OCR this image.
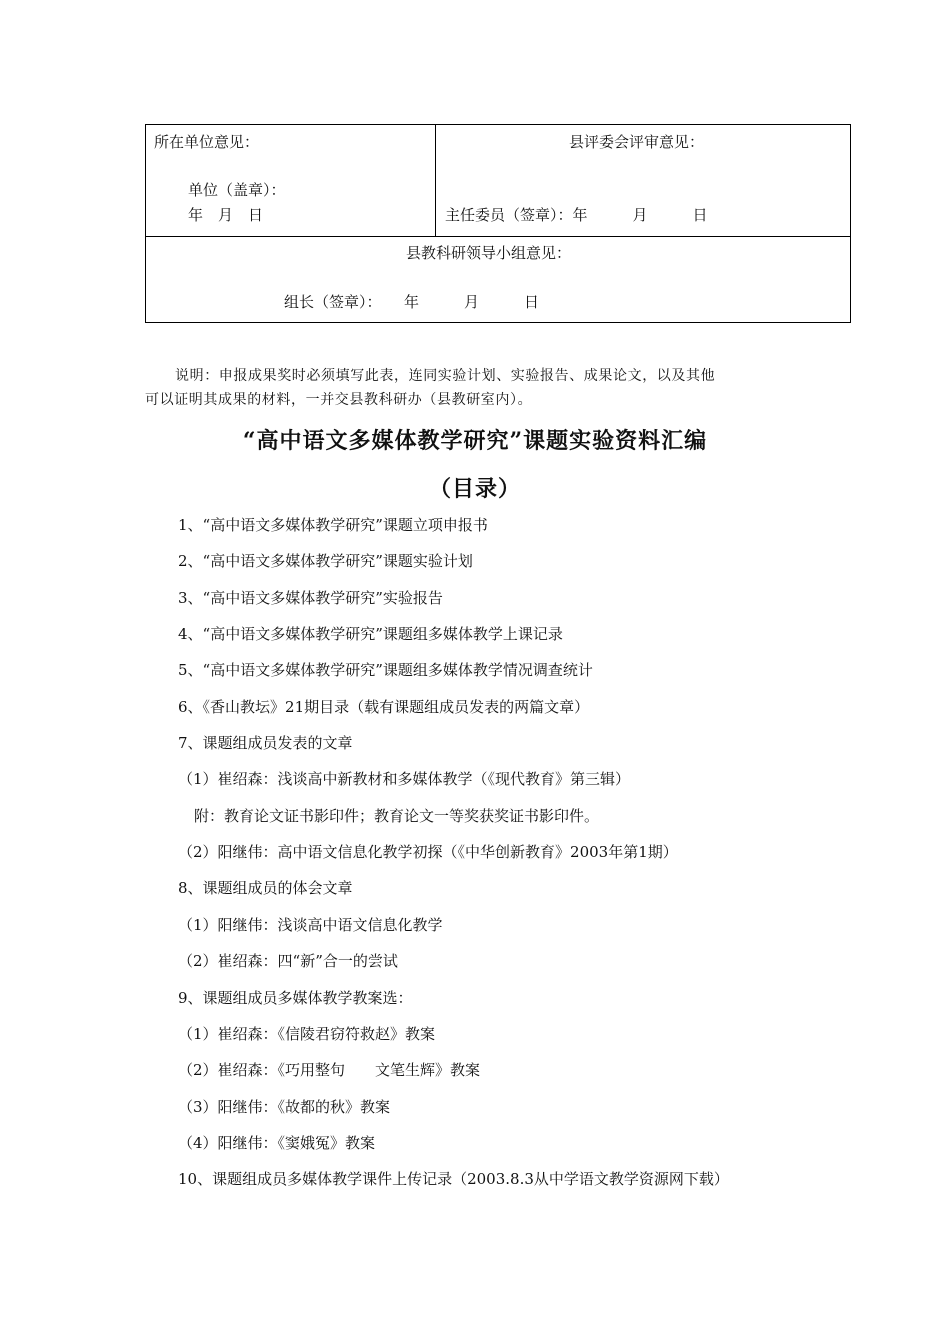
所在单位意见：
单位（盖章）：
年　月　日
县评委会评审意见：
主任委员（签章）：年　　　月　　　日
县教科研领导小组意见：
组长（签章）：　　年　　　月　　　日
说明：申报成果奖时必须填写此表，连同实验计划、实验报告、成果论文，以及其他
可以证明其成果的材料，一并交县教科研办（县教研室内）。
“高中语文多媒体教学研究”课题实验资料汇编
（目录）
1、“高中语文多媒体教学研究”课题立项申报书
2、“高中语文多媒体教学研究”课题实验计划
3、“高中语文多媒体教学研究”实验报告
4、“高中语文多媒体教学研究”课题组多媒体教学上课记录
5、“高中语文多媒体教学研究”课题组多媒体教学情况调查统计
6、《香山教坛》21期目录（载有课题组成员发表的两篇文章）
7、课题组成员发表的文章
（1）崔绍森：浅谈高中新教材和多媒体教学（《现代教育》第三辑）
附：教育论文证书影印件；教育论文一等奖获奖证书影印件。
（2）阳继伟：高中语文信息化教学初探（《中华创新教育》2003年第1期）
8、课题组成员的体会文章
（1）阳继伟：浅谈高中语文信息化教学
（2）崔绍森：四“新”合一的尝试
9、课题组成员多媒体教学教案选：
（1）崔绍森：《信陵君窃符救赵》教案
（2）崔绍森：《巧用整句　　文笔生辉》教案
（3）阳继伟：《故都的秋》教案
（4）阳继伟：《窦娥冤》教案
10、课题组成员多媒体教学课件上传记录（2003.8.3从中学语文教学资源网下载）
